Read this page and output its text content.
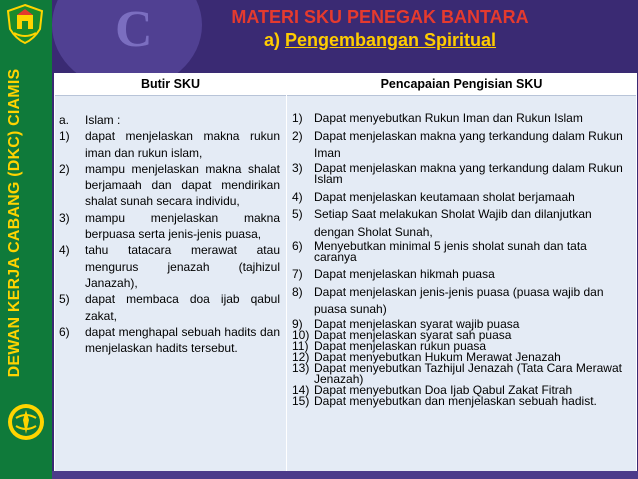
C
DEWAN KERJA CABANG (DKC) CIAMIS
MATERI SKU PENEGAK BANTARA
a) Pengembangan Spiritual
Butir SKU	Pencapaian Pengisian SKU
a.	Islam :
1)	dapat menjelaskan makna rukun iman dan rukun islam,
2)	mampu menjelaskan makna shalat berjamaah dan dapat mendirikan shalat sunah secara individu,
3)	mampu menjelaskan makna berpuasa serta jenis-jenis puasa,
4)	tahu tatacara merawat atau mengurus jenazah (tajhizul Janazah),
5)	dapat membaca doa ijab qabul zakat,
6)	dapat menghapal sebuah hadits dan menjelaskan hadits tersebut.
1) Dapat menyebutkan Rukun Iman dan Rukun Islam
2) Dapat menjelaskan makna yang terkandung dalam Rukun Iman
3) Dapat menjelaskan makna yang terkandung dalam Rukun Islam
4) Dapat menjelaskan keutamaan sholat berjamaah
5) Setiap Saat melakukan Sholat Wajib dan dilanjutkan dengan Sholat Sunah,
6) Menyebutkan minimal 5 jenis sholat sunah dan tata caranya
7) Dapat menjelaskan hikmah puasa
8) Dapat menjelaskan jenis-jenis puasa (puasa wajib dan puasa sunah)
9) Dapat menjelaskan syarat wajib puasa
10) Dapat menjelaskan syarat sah puasa
11) Dapat menjelaskan rukun puasa
12) Dapat menyebutkan Hukum Merawat Jenazah
13) Dapat menyebutkan Tazhijul Jenazah (Tata Cara Merawat Jenazah)
14) Dapat menyebutkan Doa Ijab Qabul Zakat Fitrah
15) Dapat menyebutkan dan menjelaskan sebuah hadist.
